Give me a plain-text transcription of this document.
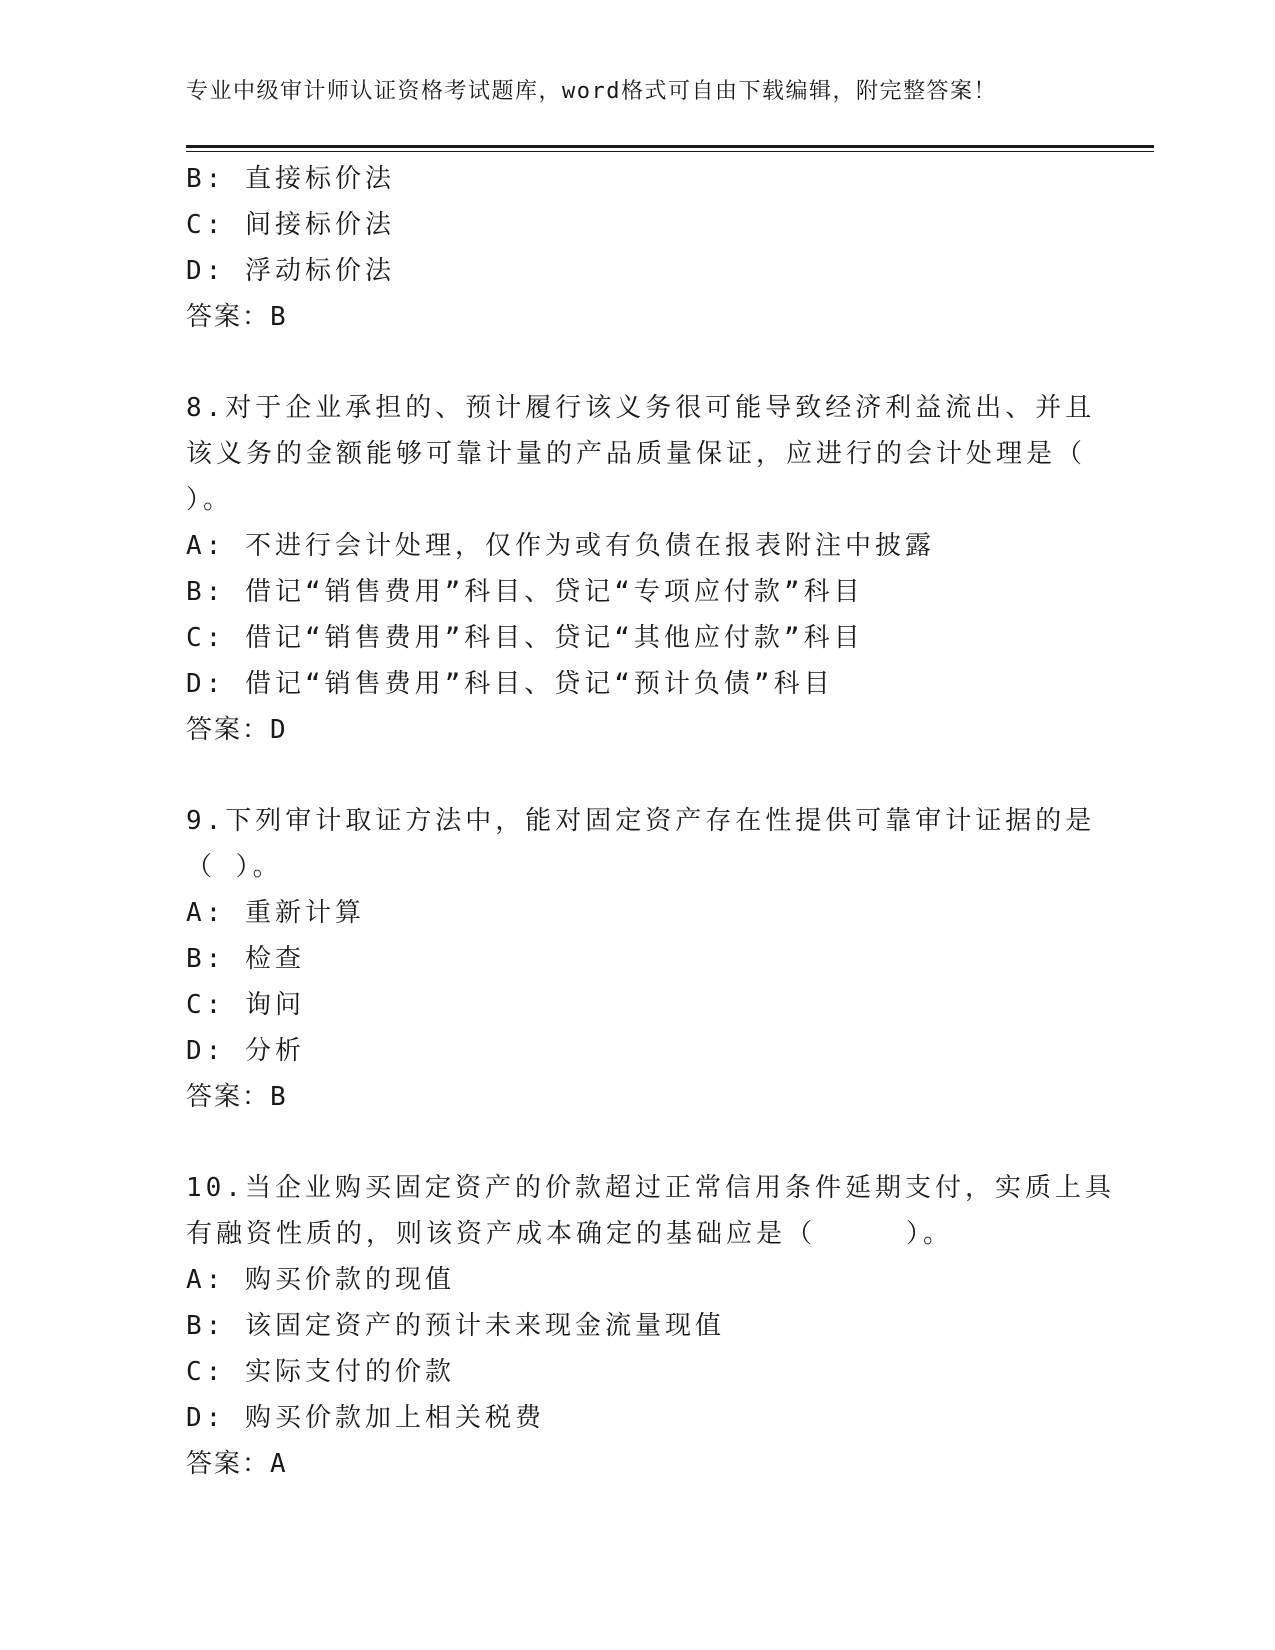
专业中级审计师认证资格考试题库，word格式可自由下载编辑，附完整答案！
B: 直接标价法
C: 间接标价法
D: 浮动标价法
答案：B
8.对于企业承担的、预计履行该义务很可能导致经济利益流出、并且
该义务的金额能够可靠计量的产品质量保证，应进行的会计处理是（
）。
A: 不进行会计处理，仅作为或有负债在报表附注中披露
B: 借记“销售费用”科目、贷记“专项应付款”科目
C: 借记“销售费用”科目、贷记“其他应付款”科目
D: 借记“销售费用”科目、贷记“预计负债”科目
答案：D
9.下列审计取证方法中，能对固定资产存在性提供可靠审计证据的是
（ ）。
A: 重新计算
B: 检查
C: 询问
D: 分析
答案：B
10.当企业购买固定资产的价款超过正常信用条件延期支付，实质上具
有融资性质的，则该资产成本确定的基础应是（　　　）。
A: 购买价款的现值
B: 该固定资产的预计未来现金流量现值
C: 实际支付的价款
D: 购买价款加上相关税费
答案：A
